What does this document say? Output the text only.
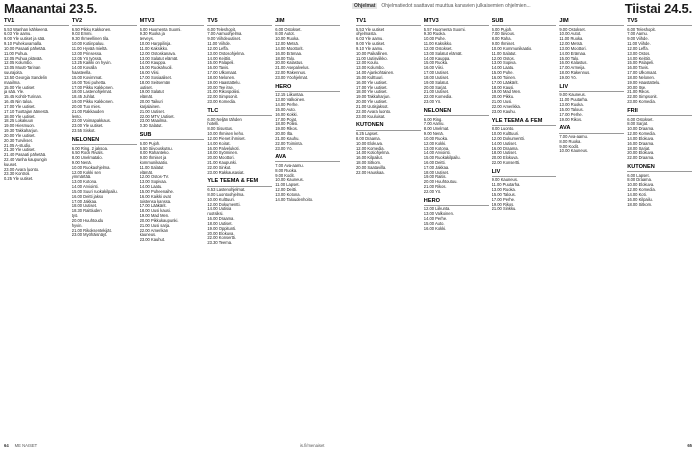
Maanantai 23.5.	Ohjelmat	Ohjelmatiedot saattavat muuttua kanavien julkaisemien ohjelmien...	Tiistai 24.5.
TV1
5.53 Wanhan kähkeenä.
6.03 Yle aamu.
9.00 Yle uutiset ja sää.
9.10 Puhekuvamalla.
10.00 Pasaati pähetää.
11.00 Puhua.
12.05 Puhua pitävää.
12.05 Kolumbo.
13.05 Muutt-Tarinan
suurajoita.
13.50 Georgia Sandelin
maailma.
15.00 Yle uutiset
ja sää. Yle.
15.45 Kohtit-Turinan.
16.45 Nin taloa.
17.00 Yle uutiset.
17.10 Tuottajan äänestä.
18.00 Yle uutiset.
18.25 Lokakuun
19.00 Hiesmuon.
19.30 Takkaharjun.
20.00 Yle uutiset.
20.30 Turvikset.
21.05 A-studio.
21.30 Yle uutiset.
21.40 Pasaati pähetää.
22.40 Vanha kaupungin
kuuset.
23.00 Avara luonto.
23.30 Kontroli.
0.25 Yle uutiset.
TV2
6.50 Pikku Kakkonen.
9.03 Emmi.
9.30 Ihmeellinen tila.
10.00 Kotiinpaluu.
11.00 Hyvää mieltä.
12.00 Prinsessa.
12.05 Yö työssä.
13.25 Kaikki on hyvin.
14.00 Kovalla
haasteella.
15.00 Kovimmat.
16.00 Tosi puhetta.
17.00 Pikku Kakkonen.
18.00 Lastenohjelmat.
18.45 Juhlat.
19.00 Pikku Kakkonen.
20.00 Tuo mies.
21.00 Rakkauden
lento.
22.00 Voimapakkaus.
23.00 Yle uutiset.
23.55 Siskot.
NELONEN
6.00 Ring. 2 jaksoa.
6.50 Rock Rivals.
8.00 Unelmatalo.
9.00 Nenä.
10.00 Ruokaohjelma.
12.00 Kokki sen
ymmärtää.
13.00 Kotona.
14.00 Arviointi.
15.00 Suuri ruokakilpailu.
16.00 Deitti jakso
17.00 Jakkaa.
18.00 Uutiset.
18.30 Raittiuden
työ.
20.00 Huuhtoudu
hyvin.
21.00 Rikoksentekijät.
23.00 Myöhäisnäyt.
MTV3
6.00 Huomenta Suomi.
9.30 Ruoka ja
terveys.
10.00 Harppilinja.
11.00 Kaksikko.
12.00 Ostoskanava.
13.00 Salatut elämät.
14.00 Kauppa.
15.00 Ruokahuoli.
16.00 Viisi.
17.00 Sosiaaliset.
18.00 Seitsemän
uutiset.
19.00 Salatut
elämät.
20.00 Taikuri
karjalainen.
21.00 Uutiset.
22.00 MTV Uutiset.
23.00 Maailma.
0.30 Salatut.
SUB
6.00 Pujoh.
6.50 Siivouskutsu.
8.00 Rahanteko.
9.00 Ihmiset ja
kommunikaatio.
11.00 Salatut
elämät.
12.00 Ostos-TV.
13.00 Sopivaa.
14.00 Laatu.
15.00 Puheenaihe.
16.00 Kaikki ovat
toistensa kanssa.
17.00 Lääkärit.
18.00 Uusi kausi.
19.00 Mad Men.
20.00 Pikkukaupunki.
21.00 Uusi sarja.
22.00 Amerikan
kauneus.
23.00 Kauhut.
TV5
6.00 Teleshopit.
7.00 Aamuohjelma.
9.00 Viihdeuutiset.
11.00 Viihde.
12.00 Leffa.
13.00 Ostosohjelma.
14.00 Keittiö.
15.00 Palapeli.
16.00 Tavis.
17.00 Ulkomaat.
18.00 Nelonen.
19.00 Haastattelu.
20.00 Tee itse.
21.00 Rikospoliisi.
22.00 Simpsonit.
23.00 Komedia.
TLC
6.00 Neljän tähden
hotelli.
8.00 Sisustus.
10.00 Ihmisen keho.
12.00 Pienet ihmiset.
14.00 Koirat.
16.00 Palvelukoti.
18.00 Syöminen.
20.00 Moottori.
21.00 Kaupunki.
22.00 Sinkut.
23.00 Rakkausasiat.
YLE TEEMA & FEM
6.53 Lastenohjelmat.
8.00 Luontoohjelma.
10.00 Kulttuuri.
12.00 Dokumentti.
14.00 Uutisia
ruotsiksi.
16.00 Draama.
18.00 Uutiset.
19.00 Oppitunti.
20.00 Elokuva.
22.00 Konsertti.
23.30 Teema.
JIM
6.00 Ostokset.
8.00 Autot.
10.00 Ruoka.
12.00 Metsä.
14.00 Moottorit.
16.00 Erämaa.
18.00 Talo.
20.00 Kalastus.
21.00 Asepalvelus.
22.00 Rakennus.
23.00 Yöohjelmat.
HERO
12.15 Liikuntaa.
13.00 Valkoinen.
14.00 Perhe.
15.00 Auto.
16.00 Kokki.
17.00 Pojat.
18.00 Poliisi.
19.00 Rikos.
20.00 Ilta.
21.00 Kauhu.
22.00 Toiminta.
23.00 Yö.
AVA
7.00 Ava-aamu.
8.00 Ruoka.
9.00 Kodit.
10.00 Kauneus.
11.00 Lapset.
12.00 Deitti.
13.00 Kotona.
14.00 Taloudenhoito.
TV1
5.53 Yle uutiset
ohjelmasta.
6.03 Yle aamu.
9.00 Yle uutiset.
9.10 Yle aamu.
10.00 Paikallinen.
11.00 Uutisviikko.
12.00 Koulu.
13.00 Kolumbo.
14.00 Ajankohtainen.
15.00 Kulttuuri.
16.00 Yle uutiset.
17.00 Yle uutiset.
18.00 Yle uutiset.
19.00 Takkaharjun.
20.00 Yle uutiset.
21.00 Uutisjaksot.
22.00 Avara luonto.
23.00 Kuuluisat.
KUTONEN
6.25 Lapset.
8.00 Draama.
10.00 Elokuva.
12.00 Komedia.
14.00 Kotiohjelma.
16.00 Kilpailut.
18.00 Sitkom.
20.00 Saatavilla.
22.00 Hauskaa.
MTV3
5.57 Huomenta Suomi.
9.30 Ruoka.
10.00 Puhe.
11.00 Kaksikko.
12.00 Ostokset.
13.00 Salatut elämät.
14.00 Kauppa.
15.00 Ruoka.
16.00 Viisi.
17.00 Uutiset.
18.00 Uutiset.
19.00 Salatut.
20.00 Sarjat.
21.00 Uutiset.
22.00 Komedia.
23.00 Yö.
NELONEN
6.00 Ring.
7.00 Aamu.
8.00 Unelmat.
9.00 Nenä.
10.00 Ruoka.
12.00 Kokki.
13.00 Kotona.
14.00 Arviointi.
15.00 Ruokakilpailu.
16.00 Deitti.
17.00 Jakkaa.
18.00 Uutiset.
19.00 Raitis.
20.00 Huuhtoutuu.
21.00 Rikos.
22.00 Yö.
HERO
12.00 Liikunta.
13.00 Valkoinen.
14.00 Perhe.
15.00 Auto.
16.00 Kokki.
SUB
6.00 Pujoh.
7.00 Siivous.
8.00 Raha.
9.00 Ihmiset.
10.00 Kommunikaatio.
11.00 Salatut.
12.00 Ostos.
13.00 Sopiva.
14.00 Laatu.
15.00 Puhe.
16.00 Toinen.
17.00 Lääkärit.
18.00 Kausi.
19.00 Mad Men.
20.00 Pikku.
21.00 Uusi.
22.00 Amerikka.
23.00 Kauhu.
YLE TEEMA & FEM
8.00 Luonto.
10.00 Kulttuuri.
12.00 Dokumentti.
14.00 Uutiset.
16.00 Draama.
18.00 Uutiset.
20.00 Elokuva.
22.00 Konsertti.
LIV
9.00 Kauneus.
11.00 Puutarha.
13.00 Ruoka.
15.00 Talous.
17.00 Perhe.
19.00 Rikos.
21.00 Sinkku.
JIM
9.00 Ostokset.
10.00 Autot.
11.00 Ruoka.
12.00 Metsä.
13.00 Moottori.
14.00 Erämaa.
15.00 Talo.
16.00 Kalastus.
17.00 Armeija.
18.00 Rakennus.
19.00 Yö.
LIV
9.00 Kauneus.
11.00 Puutarha.
13.00 Ruoka.
15.00 Talous.
17.00 Perhe.
19.00 Rikos.
AVA
7.00 Ava-aamu.
8.00 Ruoka.
9.00 Kodit.
10.00 Kauneus.
TV5
6.00 Teleshopit.
7.00 Aamu.
9.00 Viihde.
11.00 Viihde.
12.00 Leffa.
13.00 Ostos.
14.00 Keittiö.
15.00 Palapeli.
16.00 Tavis.
17.00 Ulkomaat.
18.00 Nelonen.
19.00 Haastattelu.
20.00 Itse.
21.00 Rikos.
22.00 Simpsonit.
23.00 Komedia.
FRII
6.00 Ostokset.
8.00 Sarjat.
10.00 Draama.
12.00 Komedia.
14.00 Elokuva.
16.00 Draama.
18.00 Sarjat.
20.00 Elokuva.
22.00 Draama.
KUTONEN
6.00 Lapset.
8.00 Draama.
10.00 Elokuva.
12.00 Komedia.
14.00 Koti.
16.00 Kilpailu.
18.00 Sitkom.
64 ME NAISET	is.fi/menaiset	65
